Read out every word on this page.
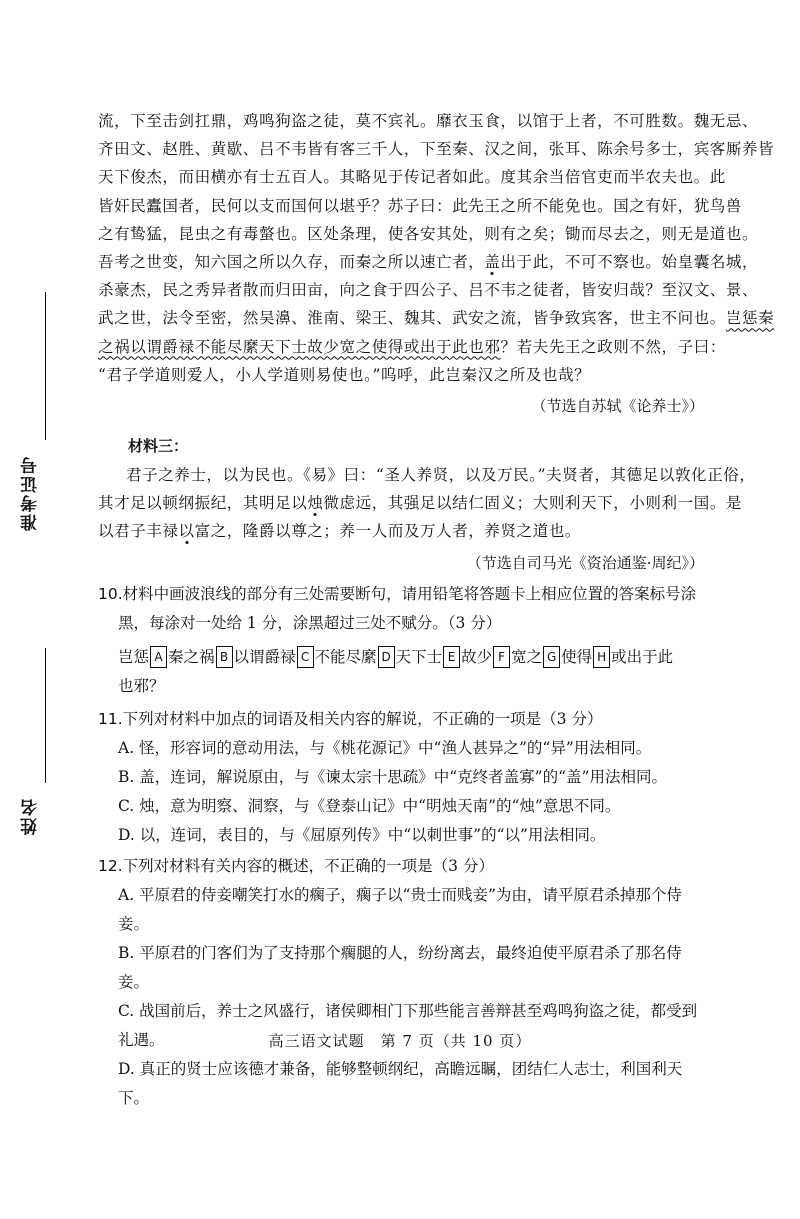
准考证号
姓名
流，下至击剑扛鼎，鸡鸣狗盗之徒，莫不宾礼。靡衣玉食，以馆于上者，不可胜数。魏无忌、
齐田文、赵胜、黄歇、吕不韦皆有客三千人，下至秦、汉之间，张耳、陈余号多士，宾客厮养皆
天下俊杰，而田横亦有士五百人。其略见于传记者如此。度其余当倍官吏而半农夫也。此
皆奸民蠹国者，民何以支而国何以堪乎？苏子曰：此先王之所不能免也。国之有奸，犹鸟兽
之有鸷猛，昆虫之有毒螫也。区处条理，使各安其处，则有之矣；锄而尽去之，则无是道也。
吾考之世变，知六国之所以久存，而秦之所以速亡者，盖出于此，不可不察也。始皇囊名城，
杀豪杰，民之秀异者散而归田亩，向之食于四公子、吕不韦之徒者，皆安归哉？至汉文、景、
武之世，法令至密，然吴濞、淮南、梁王、魏其、武安之流，皆争致宾客，世主不问也。岂惩秦
之祸以谓爵禄不能尽縻天下士故少宽之使得或出于此也邪？若夫先王之政则不然，子曰：
“君子学道则爱人，小人学道则易使也。”呜呼，此岂秦汉之所及也哉？
（节选自苏轼《论养士》）
材料三：
君子之养士，以为民也。《易》曰：“圣人养贤，以及万民。”夫贤者，其德足以敦化正俗，
其才足以顿纲振纪，其明足以烛微虑远，其强足以结仁固义；大则利天下，小则利一国。是
以君子丰禄以富之，隆爵以尊之；养一人而及万人者，养贤之道也。
（节选自司马光《资治通鉴·周纪》）
10.材料中画波浪线的部分有三处需要断句，请用铅笔将答题卡上相应位置的答案标号涂
黑，每涂对一处给 1 分，涂黑超过三处不赋分。（3 分）
岂惩 A 秦之祸 B 以谓爵禄 C 不能尽縻 D 天下士 E 故少 F 宽之 G 使得 H 或出于此
也邪？
11.下列对材料中加点的词语及相关内容的解说，不正确的一项是（3 分）
A. 怪，形容词的意动用法，与《桃花源记》中“渔人甚异之”的“异”用法相同。
B. 盖，连词，解说原由，与《谏太宗十思疏》中“克终者盖寡”的“盖”用法相同。
C. 烛，意为明察、洞察，与《登泰山记》中“明烛天南”的“烛”意思不同。
D. 以，连词，表目的，与《屈原列传》中“以刺世事”的“以”用法相同。
12.下列对材料有关内容的概述，不正确的一项是（3 分）
A. 平原君的侍妾嘲笑打水的瘸子，瘸子以“贵士而贱妾”为由，请平原君杀掉那个侍妾。
B. 平原君的门客们为了支持那个瘸腿的人，纷纷离去，最终迫使平原君杀了那名侍妾。
C. 战国前后，养士之风盛行，诸侯卿相门下那些能言善辩甚至鸡鸣狗盗之徒，都受到礼遇。
D. 真正的贤士应该德才兼备，能够整顿纲纪，高瞻远瞩，团结仁人志士，利国利天下。
高三语文试题　第 7 页（共 10 页）
